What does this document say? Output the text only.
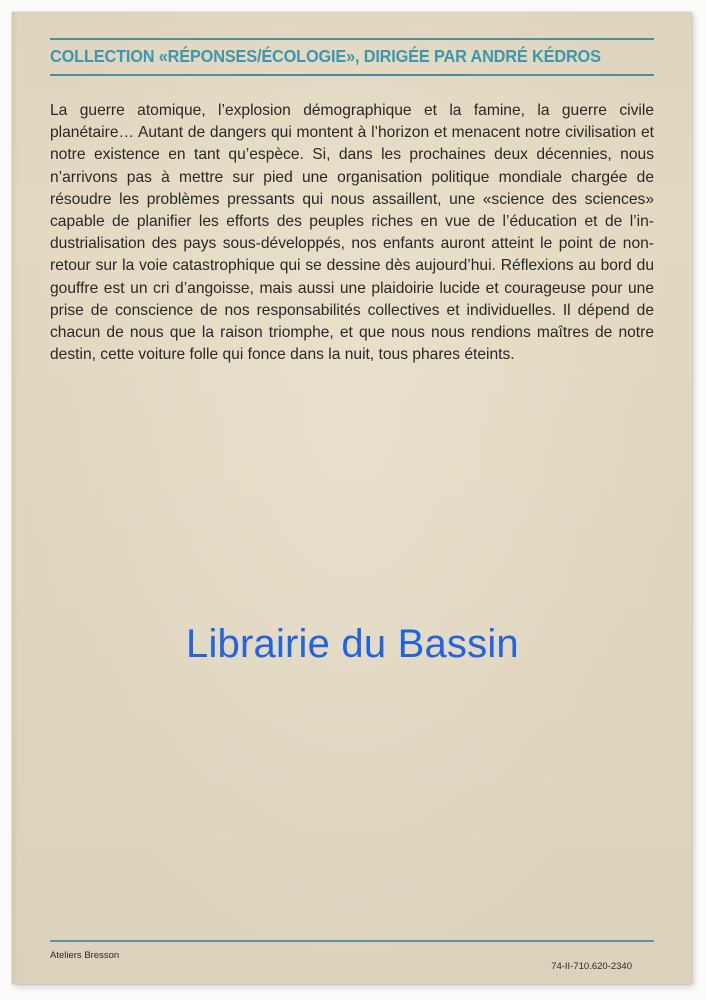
COLLECTION «RÉPONSES/ÉCOLOGIE», DIRIGÉE PAR ANDRÉ KÉDROS

La guerre atomique, l’explosion démographique et la famine, la guerre civile planétaire… Autant de dangers qui montent à l’horizon et menacent notre civilisation et notre existence en tant qu’espèce. Si, dans les prochaines deux décennies, nous n’arrivons pas à mettre sur pied une organisation politique mondiale chargée de résoudre les problèmes pressants qui nous assaillent, une «science des sciences» capable de planifier les efforts des peuples riches en vue de l’éducation et de l’industrialisation des pays sous-développés, nos enfants auront atteint le point de non-retour sur la voie catastrophique qui se dessine dès aujourd’hui. Réflexions au bord du gouffre est un cri d’angoisse, mais aussi une plaidoirie lucide et courageuse pour une prise de conscience de nos responsabilités collectives et individuelles. Il dépend de chacun de nous que la raison triomphe, et que nous nous rendions maîtres de notre destin, cette voiture folle qui fonce dans la nuit, tous phares éteints.

Librairie du Bassin

Ateliers Bresson

74-II-710.620-2340
